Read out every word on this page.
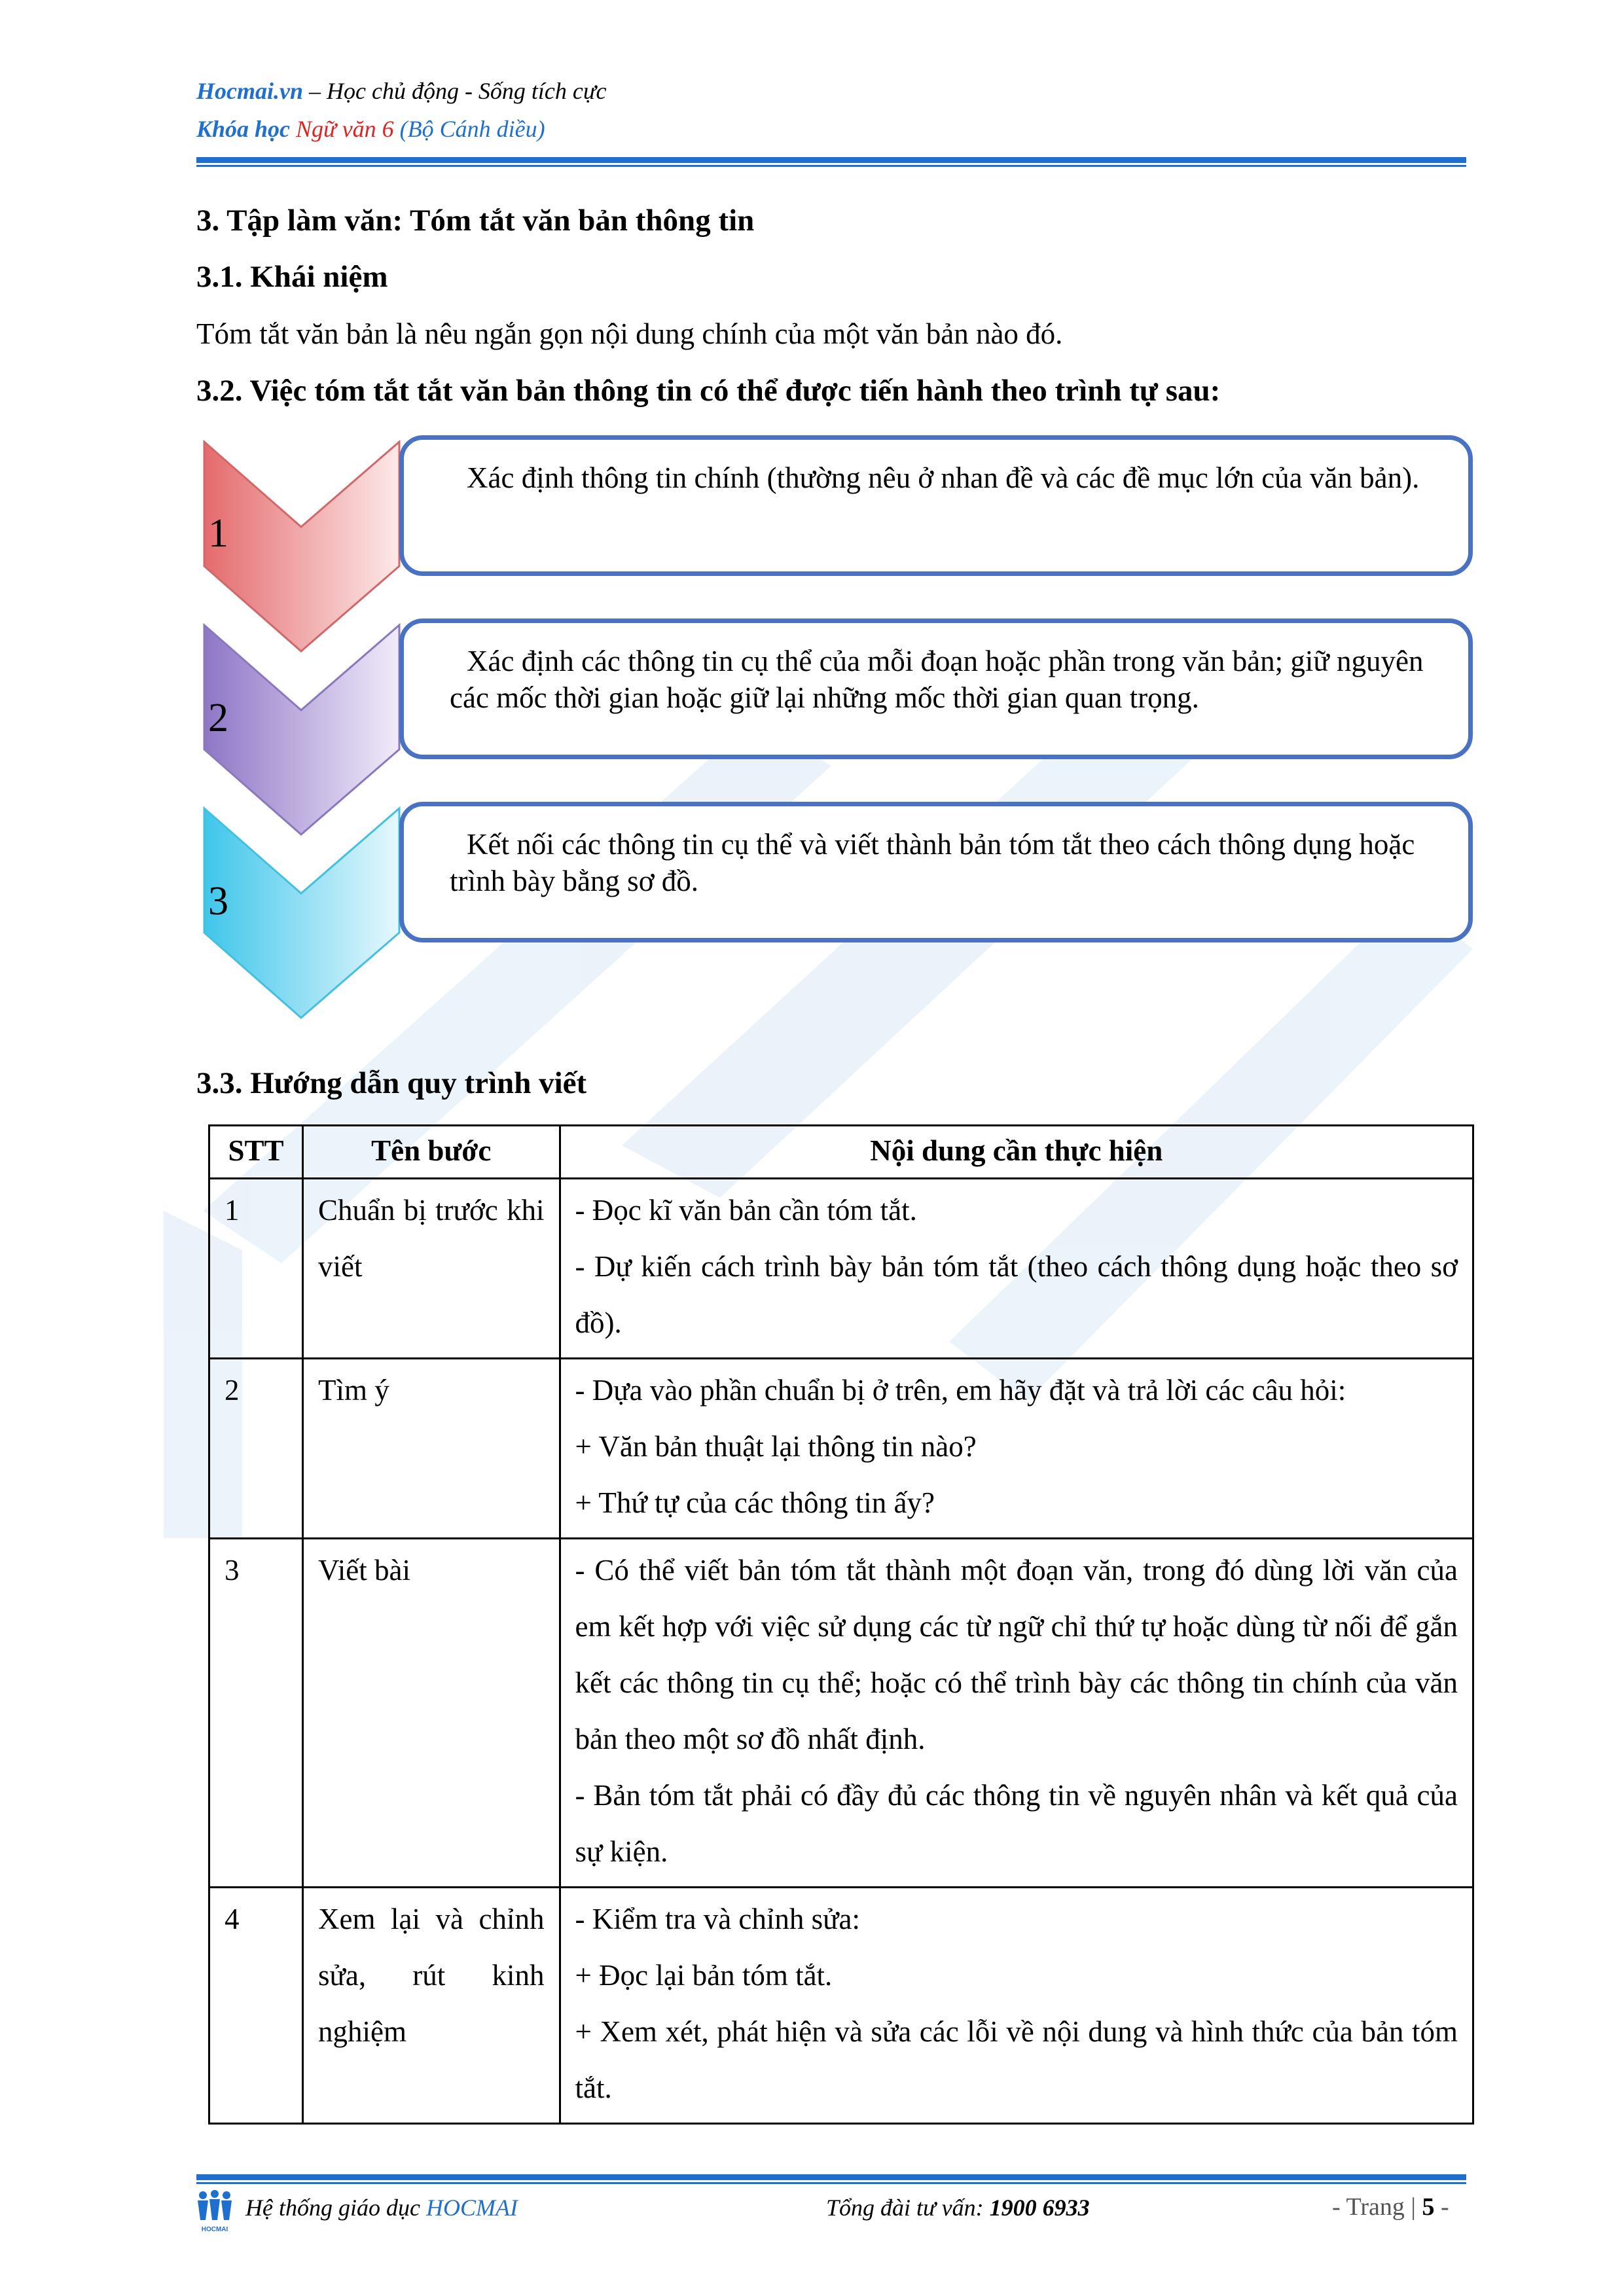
Hocmai.vn – Học chủ động - Sống tích cực
Khóa học Ngữ văn 6 (Bộ Cánh diều)
3. Tập làm văn: Tóm tắt văn bản thông tin
3.1. Khái niệm
Tóm tắt văn bản là nêu ngắn gọn nội dung chính của một văn bản nào đó.
3.2. Việc tóm tắt tắt văn bản thông tin có thể được tiến hành theo trình tự sau:
1
2
3
Xác định thông tin chính (thường nêu ở nhan đề và các đề mục lớn của văn bản).
Xác định các thông tin cụ thể của mỗi đoạn hoặc phần trong văn bản; giữ nguyên các mốc thời gian hoặc giữ lại những mốc thời gian quan trọng.
Kết nối các thông tin cụ thể và viết thành bản tóm tắt theo cách thông dụng hoặc trình bày bằng sơ đồ.
3.3. Hướng dẫn quy trình viết
STT	Tên bước	Nội dung cần thực hiện
1	Chuẩn bị trước khi viết	- Đọc kĩ văn bản cần tóm tắt.
- Dự kiến cách trình bày bản tóm tắt (theo cách thông dụng hoặc theo sơ đồ).

2	Tìm ý	- Dựa vào phần chuẩn bị ở trên, em hãy đặt và trả lời các câu hỏi:
+ Văn bản thuật lại thông tin nào?
+ Thứ tự của các thông tin ấy?

3	Viết bài	- Có thể viết bản tóm tắt thành một đoạn văn, trong đó dùng lời văn của em kết hợp với việc sử dụng các từ ngữ chỉ thứ tự hoặc dùng từ nối để gắn kết các thông tin cụ thể; hoặc có thể trình bày các thông tin chính của văn bản theo một sơ đồ nhất định.
- Bản tóm tắt phải có đầy đủ các thông tin về nguyên nhân và kết quả của sự kiện.

4	Xem lại và chỉnh sửa, rút kinh nghiệm	- Kiểm tra và chỉnh sửa:
+ Đọc lại bản tóm tắt.
+ Xem xét, phát hiện và sửa các lỗi về nội dung và hình thức của bản tóm tắt.
HOCMAI
Hệ thống giáo dục HOCMAI	Tổng đài tư vấn: 1900 6933	- Trang | 5 -
